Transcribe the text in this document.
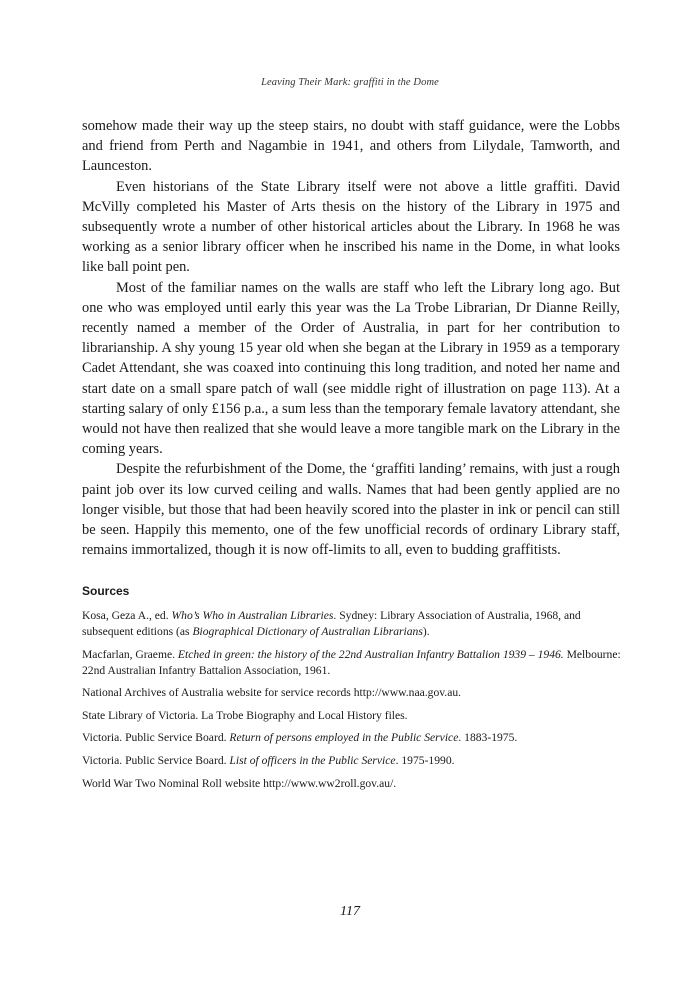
Leaving Their Mark: graffiti in the Dome

somehow made their way up the steep stairs, no doubt with staff guidance, were the Lobbs and friend from Perth and Nagambie in 1941, and others from Lilydale, Tamworth, and Launceston.

Even historians of the State Library itself were not above a little graffiti. David McVilly completed his Master of Arts thesis on the history of the Library in 1975 and subsequently wrote a number of other historical articles about the Library. In 1968 he was working as a senior library officer when he inscribed his name in the Dome, in what looks like ball point pen.

Most of the familiar names on the walls are staff who left the Library long ago. But one who was employed until early this year was the La Trobe Librarian, Dr Dianne Reilly, recently named a member of the Order of Australia, in part for her contribution to librarianship. A shy young 15 year old when she began at the Library in 1959 as a temporary Cadet Attendant, she was coaxed into continuing this long tradition, and noted her name and start date on a small spare patch of wall (see middle right of illustration on page 113). At a starting salary of only £156 p.a., a sum less than the temporary female lavatory attendant, she would not have then realized that she would leave a more tangible mark on the Library in the coming years.

Despite the refurbishment of the Dome, the ‘graffiti landing’ remains, with just a rough paint job over its low curved ceiling and walls. Names that had been gently applied are no longer visible, but those that had been heavily scored into the plaster in ink or pencil can still be seen. Happily this memento, one of the few unofficial records of ordinary Library staff, remains immortalized, though it is now off-limits to all, even to budding graffitists.

Sources

Kosa, Geza A., ed. Who’s Who in Australian Libraries. Sydney: Library Association of Australia, 1968, and subsequent editions (as Biographical Dictionary of Australian Librarians).

Macfarlan, Graeme. Etched in green: the history of the 22nd Australian Infantry Battalion 1939 – 1946. Melbourne: 22nd Australian Infantry Battalion Association, 1961.

National Archives of Australia website for service records http://www.naa.gov.au.

State Library of Victoria. La Trobe Biography and Local History files.

Victoria. Public Service Board. Return of persons employed in the Public Service. 1883-1975.

Victoria. Public Service Board. List of officers in the Public Service. 1975-1990.

World War Two Nominal Roll website http://www.ww2roll.gov.au/.

117
